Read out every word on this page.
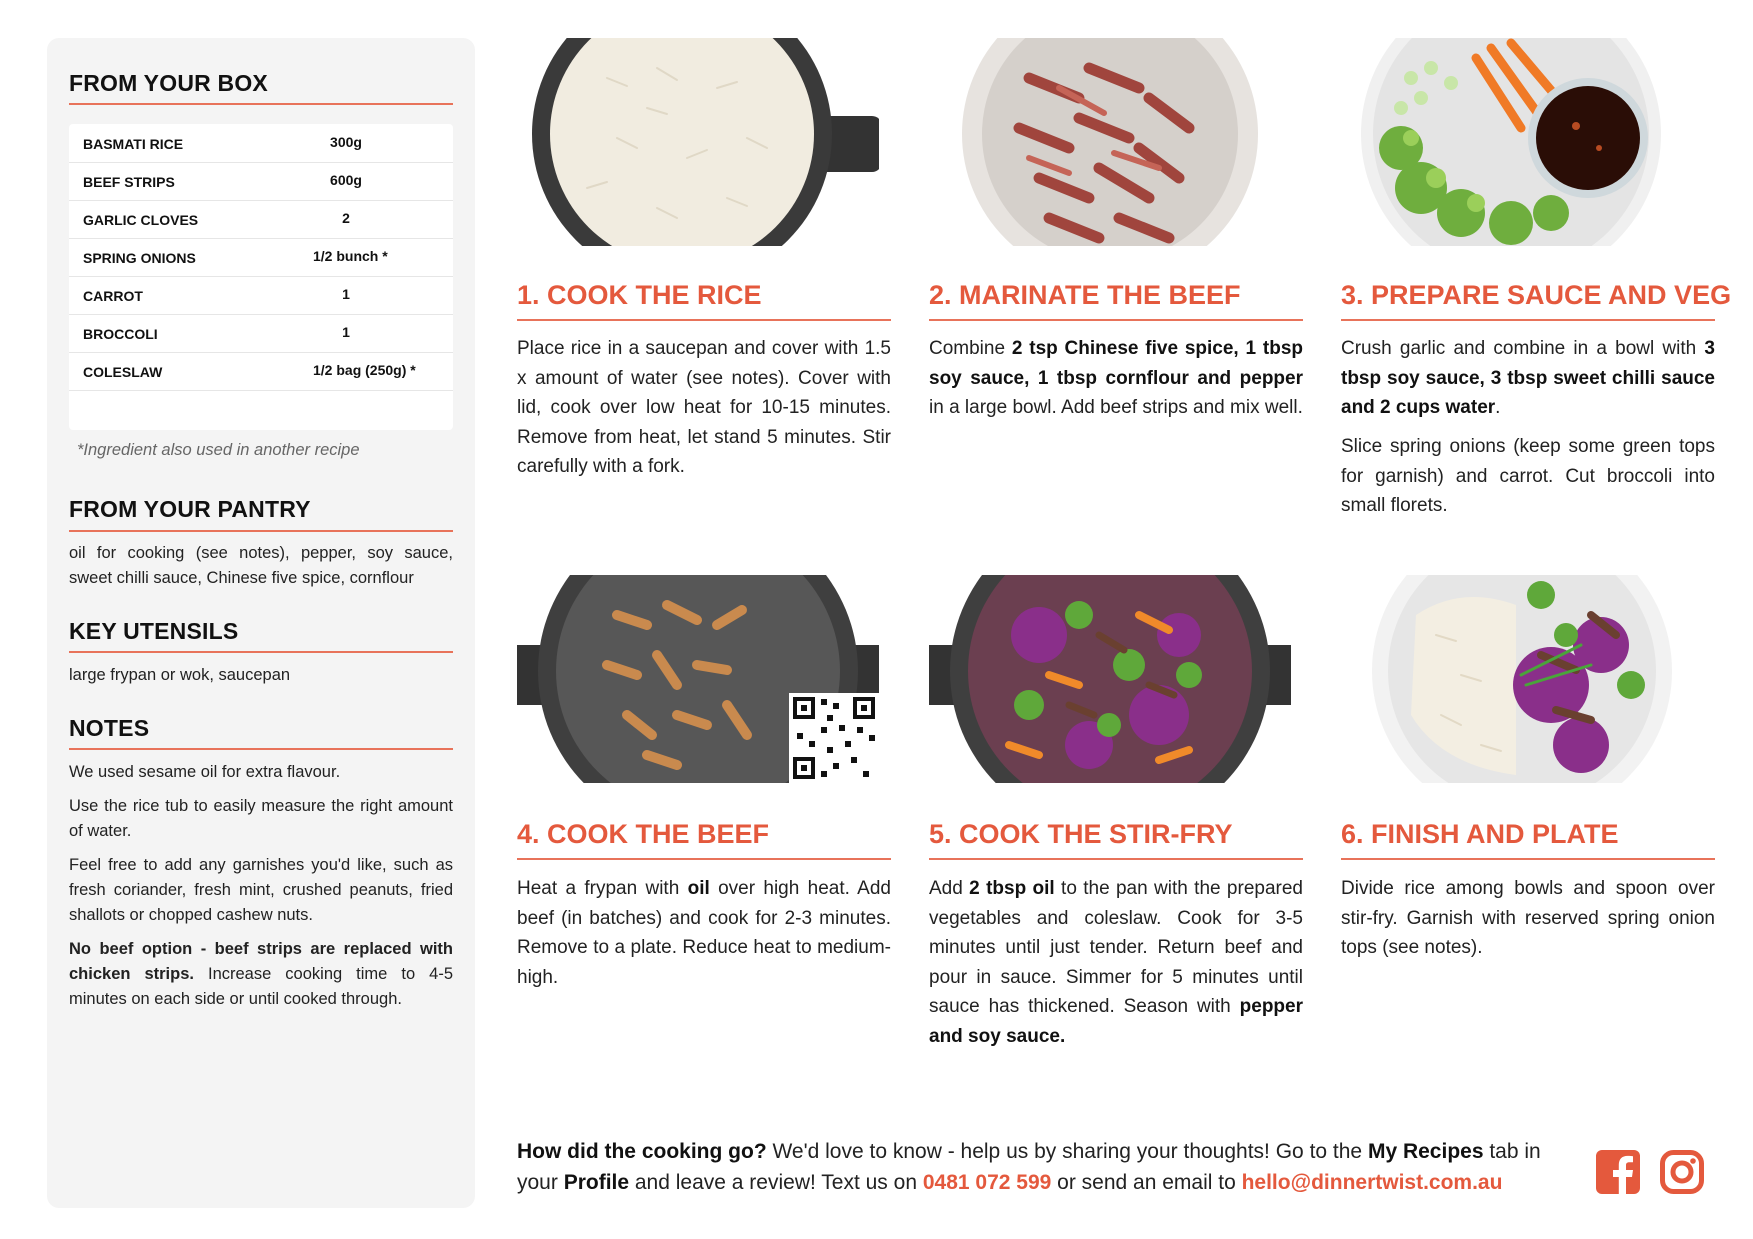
FROM YOUR BOX
BASMATI RICE	300g
BEEF STRIPS	600g
GARLIC CLOVES	2
SPRING ONIONS	1/2 bunch *
CARROT	1
BROCCOLI	1
COLESLAW	1/2 bag (250g) *
*Ingredient also used in another recipe
FROM YOUR PANTRY

oil for cooking (see notes), pepper, soy sauce, sweet chilli sauce, Chinese five spice, cornflour

KEY UTENSILS

large frypan or wok, saucepan

NOTES

We used sesame oil for extra flavour.

Use the rice tub to easily measure the right amount of water.

Feel free to add any garnishes you'd like, such as fresh coriander, fresh mint, crushed peanuts, fried shallots or chopped cashew nuts.

No beef option - beef strips are replaced with chicken strips. Increase cooking time to 4-5 minutes on each side or until cooked through.

1. COOK THE RICE

Place rice in a saucepan and cover with 1.5 x amount of water (see notes). Cover with lid, cook over low heat for 10-15 minutes. Remove from heat, let stand 5 minutes. Stir carefully with a fork.

2. MARINATE THE BEEF

Combine 2 tsp Chinese five spice, 1 tbsp soy sauce, 1 tbsp cornflour and pepper in a large bowl. Add beef strips and mix well.

3. PREPARE SAUCE AND VEG

Crush garlic and combine in a bowl with 3 tbsp soy sauce, 3 tbsp sweet chilli sauce and 2 cups water.

Slice spring onions (keep some green tops for garnish) and carrot. Cut broccoli into small florets.

4. COOK THE BEEF

Heat a frypan with oil over high heat. Add beef (in batches) and cook for 2-3 minutes. Remove to a plate. Reduce heat to medium-high.

5. COOK THE STIR-FRY

Add 2 tbsp oil to the pan with the prepared vegetables and coleslaw. Cook for 3-5 minutes until just tender. Return beef and pour in sauce. Simmer for 5 minutes until sauce has thickened. Season with pepper and soy sauce.

6. FINISH AND PLATE

Divide rice among bowls and spoon over stir-fry. Garnish with reserved spring onion tops (see notes).

How did the cooking go? We'd love to know - help us by sharing your thoughts! Go to the My Recipes tab in your Profile and leave a review! Text us on 0481 072 599 or send an email to hello@dinnertwist.com.au
